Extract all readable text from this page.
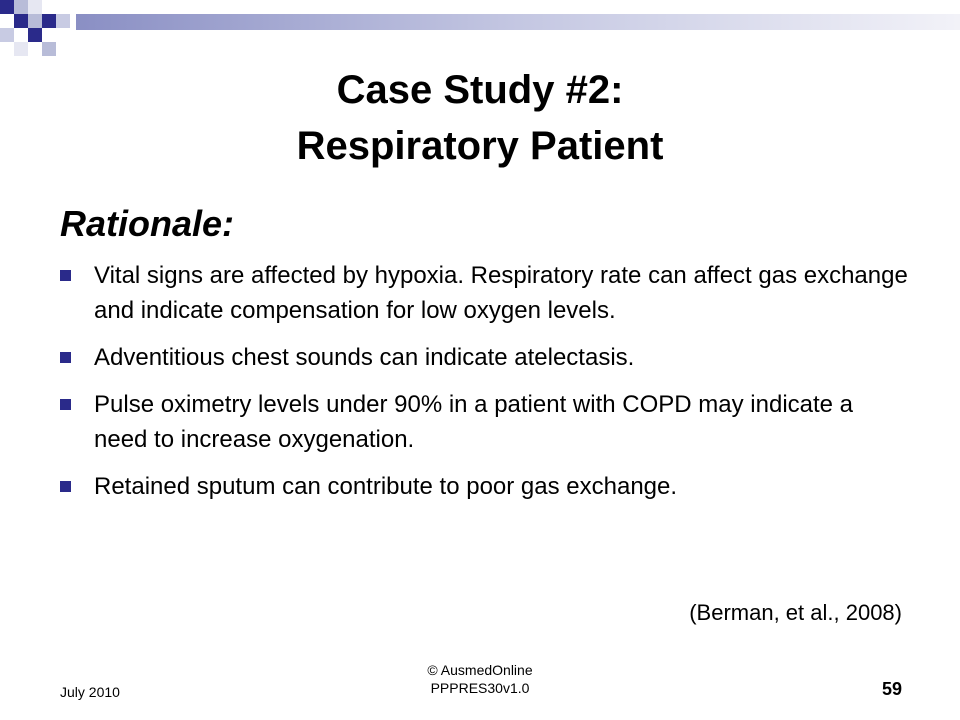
Case Study #2:
Respiratory Patient
Rationale:
Vital signs are affected by hypoxia. Respiratory rate can affect gas exchange and indicate compensation for low oxygen levels.
Adventitious chest sounds can indicate atelectasis.
Pulse oximetry levels under 90% in a patient with COPD may indicate a need to increase oxygenation.
Retained sputum can contribute to poor gas exchange.
(Berman, et al., 2008)
July 2010
© AusmedOnline
PPPRES30v1.0	59
